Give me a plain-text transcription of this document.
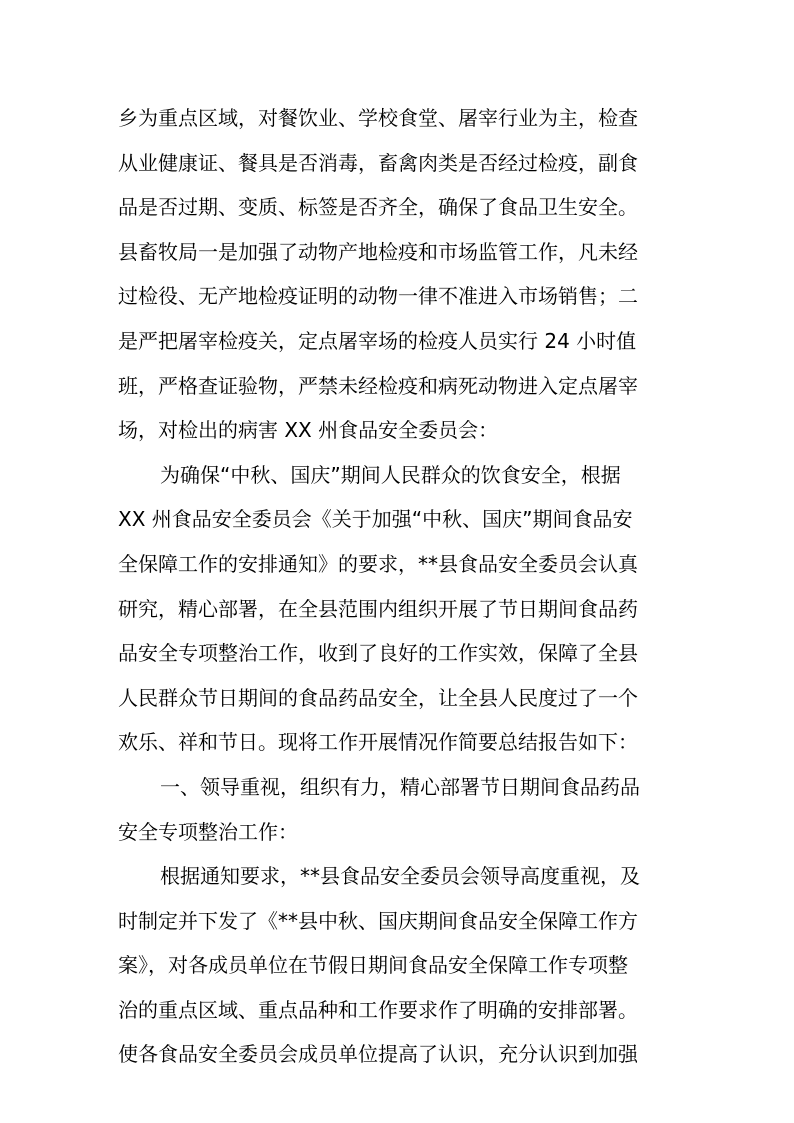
乡为重点区域，对餐饮业、学校食堂、屠宰行业为主，检查
从业健康证、餐具是否消毒，畜禽肉类是否经过检疫，副食
品是否过期、变质、标签是否齐全，确保了食品卫生安全。
县畜牧局一是加强了动物产地检疫和市场监管工作，凡未经
过检役、无产地检疫证明的动物一律不准进入市场销售；二
是严把屠宰检疫关，定点屠宰场的检疫人员实行 24 小时值
班，严格查证验物，严禁未经检疫和病死动物进入定点屠宰
场，对检出的病害 XX 州食品安全委员会：
为确保“中秋、国庆”期间人民群众的饮食安全，根据
XX 州食品安全委员会《关于加强“中秋、国庆”期间食品安
全保障工作的安排通知》的要求，**县食品安全委员会认真
研究，精心部署，在全县范围内组织开展了节日期间食品药
品安全专项整治工作，收到了良好的工作实效，保障了全县
人民群众节日期间的食品药品安全，让全县人民度过了一个
欢乐、祥和节日。现将工作开展情况作简要总结报告如下：
一、领导重视，组织有力，精心部署节日期间食品药品
安全专项整治工作：
根据通知要求，**县食品安全委员会领导高度重视，及
时制定并下发了《**县中秋、国庆期间食品安全保障工作方
案》，对各成员单位在节假日期间食品安全保障工作专项整
治的重点区域、重点品种和工作要求作了明确的安排部署。
使各食品安全委员会成员单位提高了认识，充分认识到加强
